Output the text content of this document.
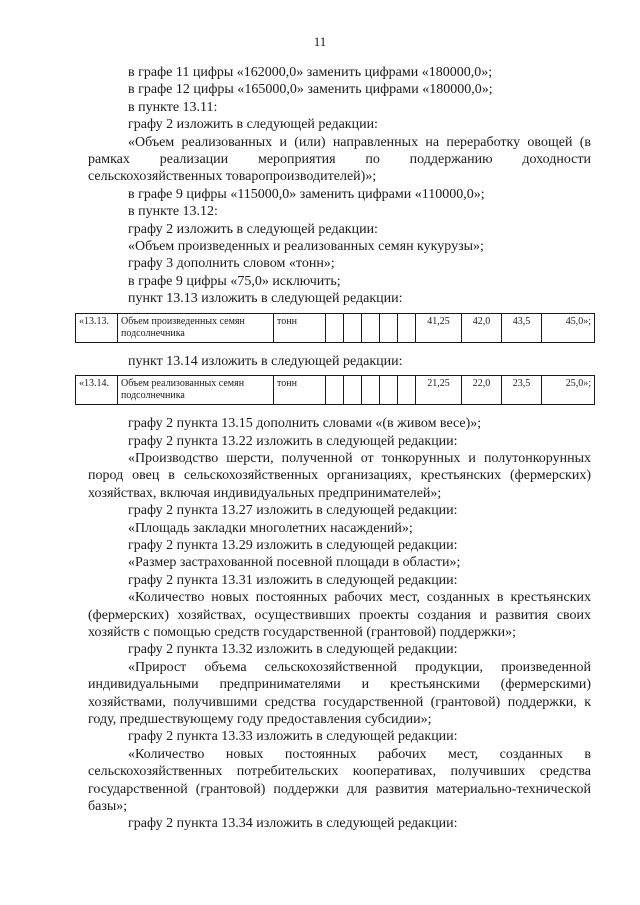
11

в графе 11 цифры «162000,0» заменить цифрами «180000,0»;

в графе 12 цифры «165000,0» заменить цифрами «180000,0»;

в пункте 13.11:

графу 2 изложить в следующей редакции:

«Объем реализованных и (или) направленных на переработку овощей (в рамках реализации мероприятия по поддержанию доходности сельскохозяйственных товаропроизводителей)»;

в графе 9 цифры «115000,0» заменить цифрами «110000,0»;

в пункте 13.12:

графу 2 изложить в следующей редакции:

«Объем произведенных и реализованных семян кукурузы»;

графу 3 дополнить словом «тонн»;

в графе 9 цифры «75,0» исключить;

пункт 13.13 изложить в следующей редакции:

«13.13.	Объем произведенных семян подсолнечника	тонн						41,25	42,0	43,5	45,0»;

пункт 13.14 изложить в следующей редакции:

«13.14.	Объем реализованных семян подсолнечника	тонн						21,25	22,0	23,5	25,0»;

графу 2 пункта 13.15 дополнить словами «(в живом весе)»;

графу 2 пункта 13.22 изложить в следующей редакции:

«Производство шерсти, полученной от тонкорунных и полутонкорунных пород овец в сельскохозяйственных организациях, крестьянских (фермерских) хозяйствах, включая индивидуальных предпринимателей»;

графу 2 пункта 13.27 изложить в следующей редакции:

«Площадь закладки многолетних насаждений»;

графу 2 пункта 13.29 изложить в следующей редакции:

«Размер застрахованной посевной площади в области»;

графу 2 пункта 13.31 изложить в следующей редакции:

«Количество новых постоянных рабочих мест, созданных в крестьянских (фермерских) хозяйствах, осуществивших проекты создания и развития своих хозяйств с помощью средств государственной (грантовой) поддержки»;

графу 2 пункта 13.32 изложить в следующей редакции:

«Прирост объема сельскохозяйственной продукции, произведенной индивидуальными предпринимателями и крестьянскими (фермерскими) хозяйствами, получившими средства государственной (грантовой) поддержки, к году, предшествующему году предоставления субсидии»;

графу 2 пункта 13.33 изложить в следующей редакции:

«Количество новых постоянных рабочих мест, созданных в сельскохозяйственных потребительских кооперативах, получивших средства государственной (грантовой) поддержки для развития материально-технической базы»;

графу 2 пункта 13.34 изложить в следующей редакции:
